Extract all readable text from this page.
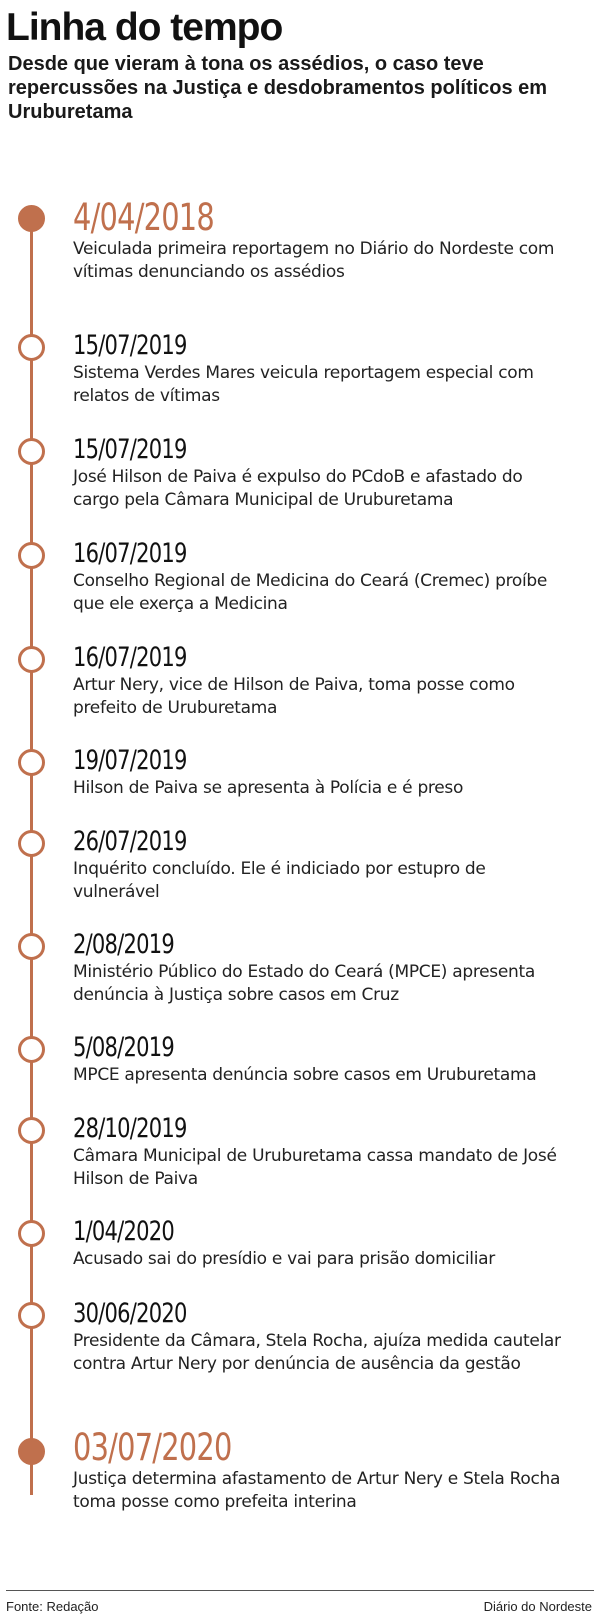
Linha do tempo

Desde que vieram à tona os assédios, o caso teve repercussões na Justiça e desdobramentos políticos em Uruburetama

4/04/2018
Veiculada primeira reportagem no Diário do Nordeste com vítimas denunciando os assédios
15/07/2019
Sistema Verdes Mares veicula reportagem especial com relatos de vítimas
15/07/2019
José Hilson de Paiva é expulso do PCdoB e afastado do cargo pela Câmara Municipal de Uruburetama
16/07/2019
Conselho Regional de Medicina do Ceará (Cremec) proíbe que ele exerça a Medicina
16/07/2019
Artur Nery, vice de Hilson de Paiva, toma posse como prefeito de Uruburetama
19/07/2019
Hilson de Paiva se apresenta à Polícia e é preso
26/07/2019
Inquérito concluído. Ele é indiciado por estupro de vulnerável
2/08/2019
Ministério Público do Estado do Ceará (MPCE) apresenta denúncia à Justiça sobre casos em Cruz
5/08/2019
MPCE apresenta denúncia sobre casos em Uruburetama
28/10/2019
Câmara Municipal de Uruburetama cassa mandato de José Hilson de Paiva
1/04/2020
Acusado sai do presídio e vai para prisão domiciliar
30/06/2020
Presidente da Câmara, Stela Rocha, ajuíza medida cautelar contra Artur Nery por denúncia de ausência da gestão
03/07/2020
Justiça determina afastamento de Artur Nery e Stela Rocha toma posse como prefeita interina
Fonte: Redação	Diário do Nordeste
